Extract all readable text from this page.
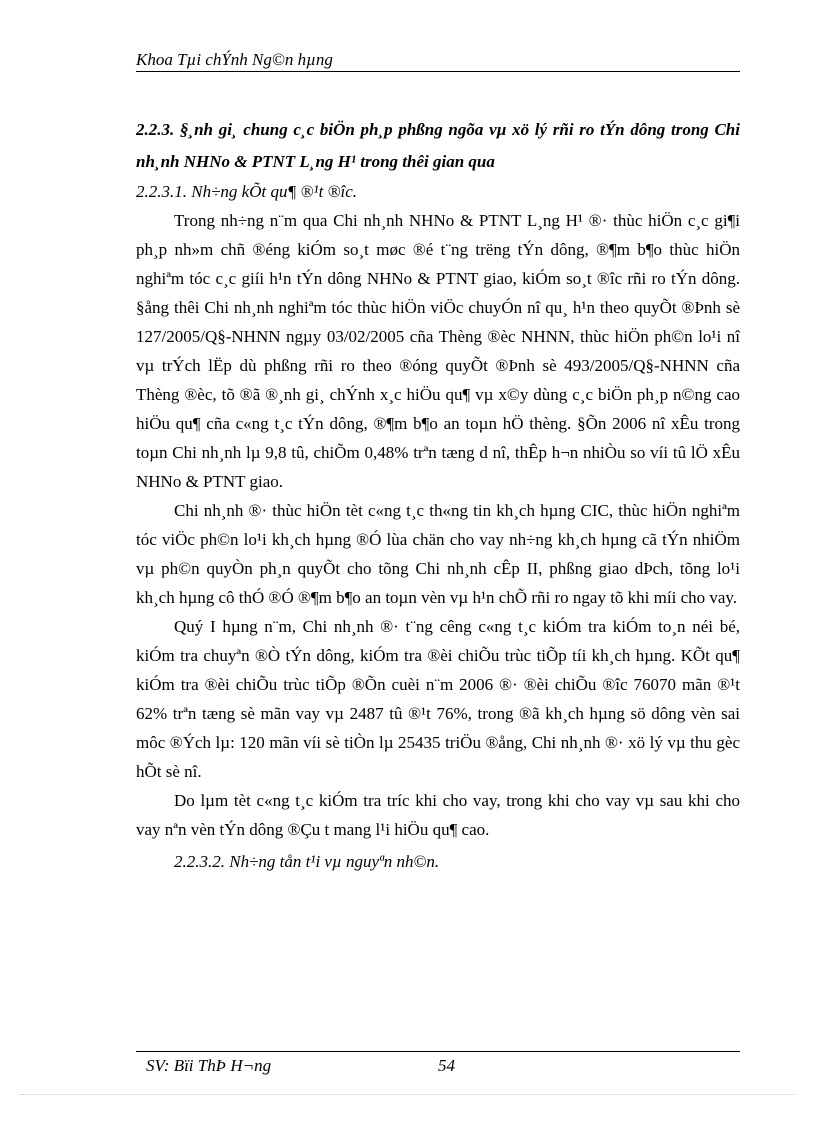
Khoa Tµi chÝnh Ng©n hµng

2.2.3. §¸nh gi¸ chung c¸c biÖn ph¸p phßng ngõa vµ xö lý rñi ro tÝn dông trong Chi nh¸nh NHNo & PTNT L¸ng H¹ trong thêi gian qua

2.2.3.1. Nh÷ng kÕt qu¶ ®¹t ®îc.

Trong nh÷ng n¨m qua Chi nh¸nh NHNo & PTNT L¸ng H¹ ®· thùc hiÖn c¸c gi¶i ph¸p nh»m chñ ®éng kiÓm so¸t møc ®é t¨ng trëng tÝn dông, ®¶m b¶o thùc hiÖn nghiªm tóc c¸c giíi h¹n tÝn dông NHNo & PTNT giao, kiÓm so¸t ®îc rñi ro tÝn dông. §ång thêi Chi nh¸nh nghiªm tóc thùc hiÖn viÖc chuyÓn nî qu¸ h¹n theo quyÕt ®Þnh sè 127/2005/Q§-NHNN ngµy 03/02/2005 cña Thèng ®èc NHNN, thùc hiÖn ph©n lo¹i nî vµ trÝch lËp dù phßng rñi ro theo ®óng quyÕt ®Þnh sè 493/2005/Q§-NHNN cña Thèng ®èc, tõ ®ã ®¸nh gi¸ chÝnh x¸c hiÖu qu¶ vµ x©y dùng c¸c biÖn ph¸p n©ng cao hiÖu qu¶ cña c«ng t¸c tÝn dông, ®¶m b¶o an toµn hÖ thèng. §Õn 2006 nî xÊu trong toµn Chi nh¸nh lµ 9,8 tû, chiÕm 0,48% trªn tæng d nî, thÊp h¬n nhiÒu so víi tû lÖ xÊu NHNo & PTNT giao.

Chi nh¸nh ®· thùc hiÖn tèt c«ng t¸c th«ng tin kh¸ch hµng CIC, thùc hiÖn nghiªm tóc viÖc ph©n lo¹i kh¸ch hµng ®Ó lùa chän cho vay nh÷ng kh¸ch hµng cã tÝn nhiÖm vµ ph©n quyÒn ph¸n quyÕt cho tõng Chi nh¸nh cÊp II, phßng giao dÞch, tõng lo¹i kh¸ch hµng cô thÓ ®Ó ®¶m b¶o an toµn vèn vµ h¹n chÕ rñi ro ngay tõ khi míi cho vay.

Quý I hµng n¨m, Chi nh¸nh ®· t¨ng cêng c«ng t¸c kiÓm tra kiÓm to¸n néi bé, kiÓm tra chuyªn ®Ò tÝn dông, kiÓm tra ®èi chiÕu trùc tiÕp tíi kh¸ch hµng. KÕt qu¶ kiÓm tra ®èi chiÕu trùc tiÕp ®Õn cuèi n¨m 2006 ®· ®èi chiÕu ®îc 76070 mãn ®¹t 62% trªn tæng sè mãn vay vµ 2487 tû ®¹t 76%, trong ®ã kh¸ch hµng sö dông vèn sai môc ®Ých lµ: 120 mãn víi sè tiÒn lµ 25435 triÖu ®ång, Chi nh¸nh ®· xö lý vµ thu gèc hÕt sè nî.

Do lµm tèt c«ng t¸c kiÓm tra tríc khi cho vay, trong khi cho vay vµ sau khi cho vay nªn vèn tÝn dông ®Çu t mang l¹i hiÖu qu¶ cao.

2.2.3.2. Nh÷ng tån t¹i vµ nguyªn nh©n.

SV: Bïi ThÞ H¬ng	54
